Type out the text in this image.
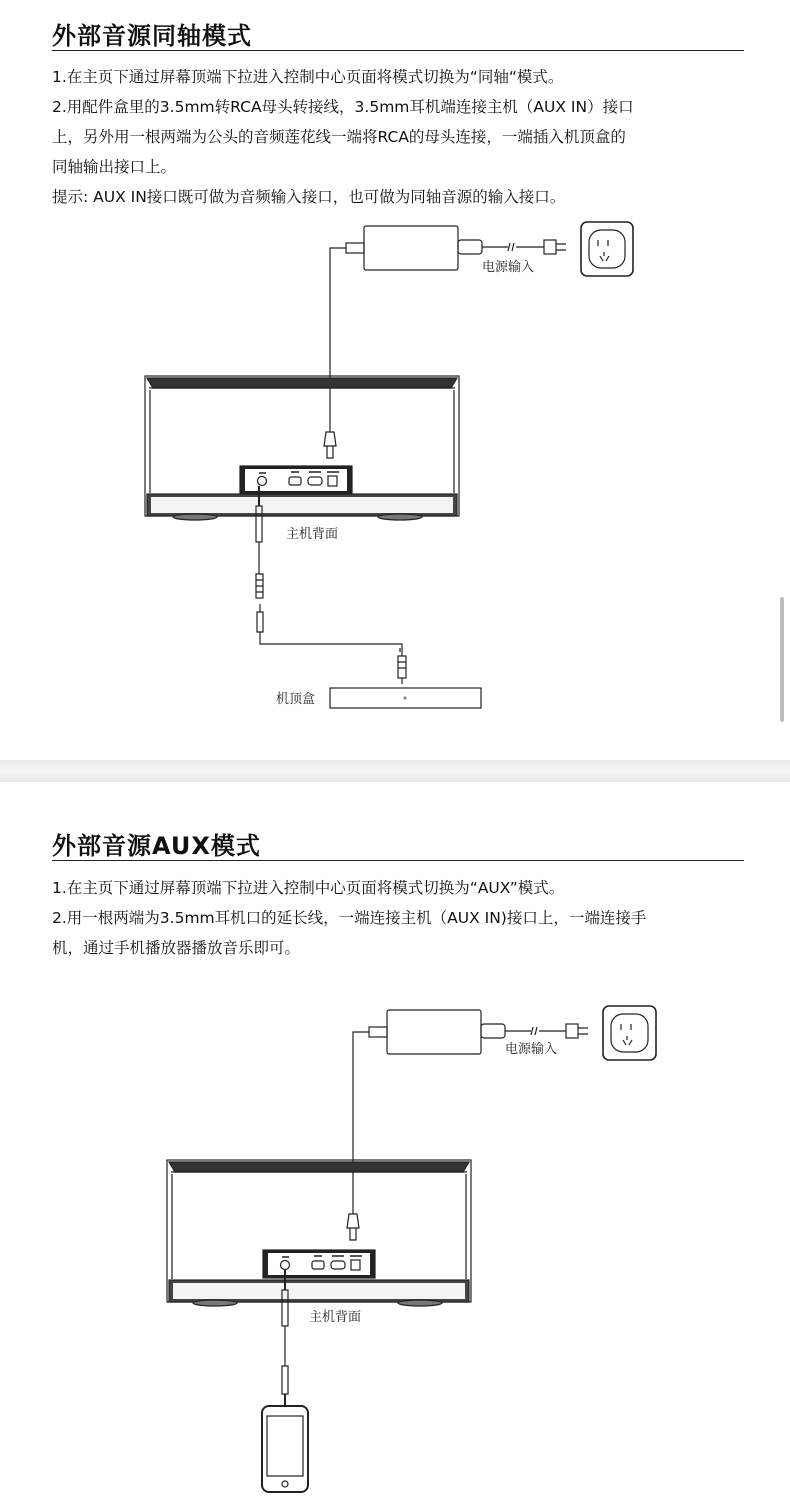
外部音源同轴模式

1.在主页下通过屏幕顶端下拉进入控制中心页面将模式切换为“同轴“模式。

2.用配件盒里的3.5mm转RCA母头转接线，3.5mm耳机端连接主机（AUX IN）接口

上，另外用一根两端为公头的音频莲花线一端将RCA的母头连接，一端插入机顶盒的

同轴输出接口上。

提示: AUX IN接口既可做为音频输入接口，也可做为同轴音源的输入接口。

电源输入
主机背面
机顶盒
外部音源AUX模式

1.在主页下通过屏幕顶端下拉进入控制中心页面将模式切换为“AUX”模式。

2.用一根两端为3.5mm耳机口的延长线，一端连接主机（AUX IN)接口上，一端连接手

机，通过手机播放器播放音乐即可。

电源输入
主机背面
